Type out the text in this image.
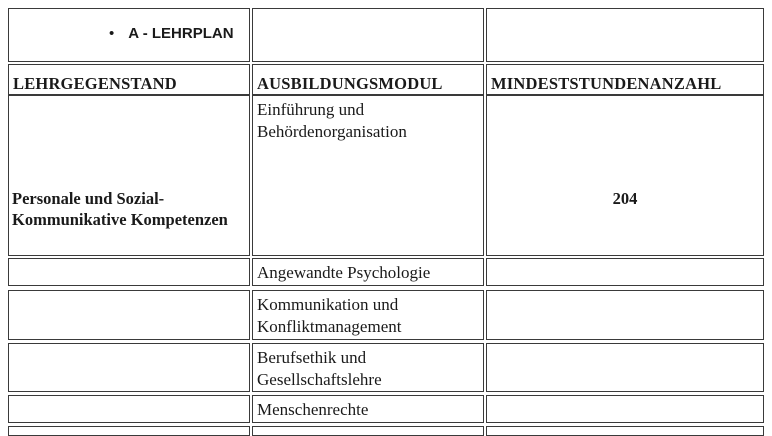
• A - LEHRPLAN
LEHRGEGENSTAND	AUSBILDUNGSMODUL	MINDESTSTUNDENANZAHL
Personale und Sozial-Kommunikative Kompetenzen
Einführung und Behördenorganisation
204
Angewandte Psychologie
Kommunikation und Konfliktmanagement
Berufsethik und Gesellschaftslehre
Menschenrechte
